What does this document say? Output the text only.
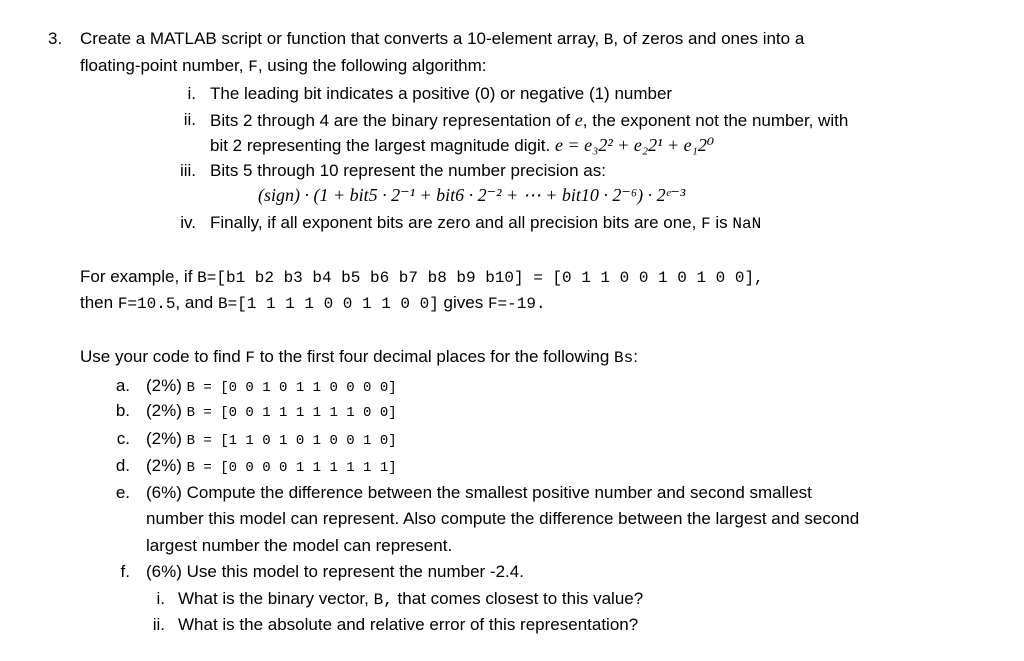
3. Create a MATLAB script or function that converts a 10-element array, B, of zeros and ones into a
floating-point number, F, using the following algorithm:
i. The leading bit indicates a positive (0) or negative (1) number
ii. Bits 2 through 4 are the binary representation of e, the exponent not the number, with
bit 2 representing the largest magnitude digit. e = e₃2² + e₂2¹ + e₁2⁰
iii. Bits 5 through 10 represent the number precision as:
(sign) · (1 + bit5 · 2⁻¹ + bit6 · 2⁻² + ⋯ + bit10 · 2⁻⁶) · 2ᵉ⁻³
iv. Finally, if all exponent bits are zero and all precision bits are one, F is NaN
For example, if B=[b1 b2 b3 b4 b5 b6 b7 b8 b9 b10] = [0 1 1 0 0 1 0 1 0 0],
then F=10.5, and B=[1 1 1 1 0 0 1 1 0 0] gives F=-19.
Use your code to find F to the first four decimal places for the following Bs:
a. (2%) B = [0 0 1 0 1 1 0 0 0 0]
b. (2%) B = [0 0 1 1 1 1 1 1 0 0]
c. (2%) B = [1 1 0 1 0 1 0 0 1 0]
d. (2%) B = [0 0 0 0 1 1 1 1 1 1]
e. (6%) Compute the difference between the smallest positive number and second smallest
number this model can represent. Also compute the difference between the largest and second
largest number the model can represent.
f. (6%) Use this model to represent the number -2.4.
i. What is the binary vector, B, that comes closest to this value?
ii. What is the absolute and relative error of this representation?
